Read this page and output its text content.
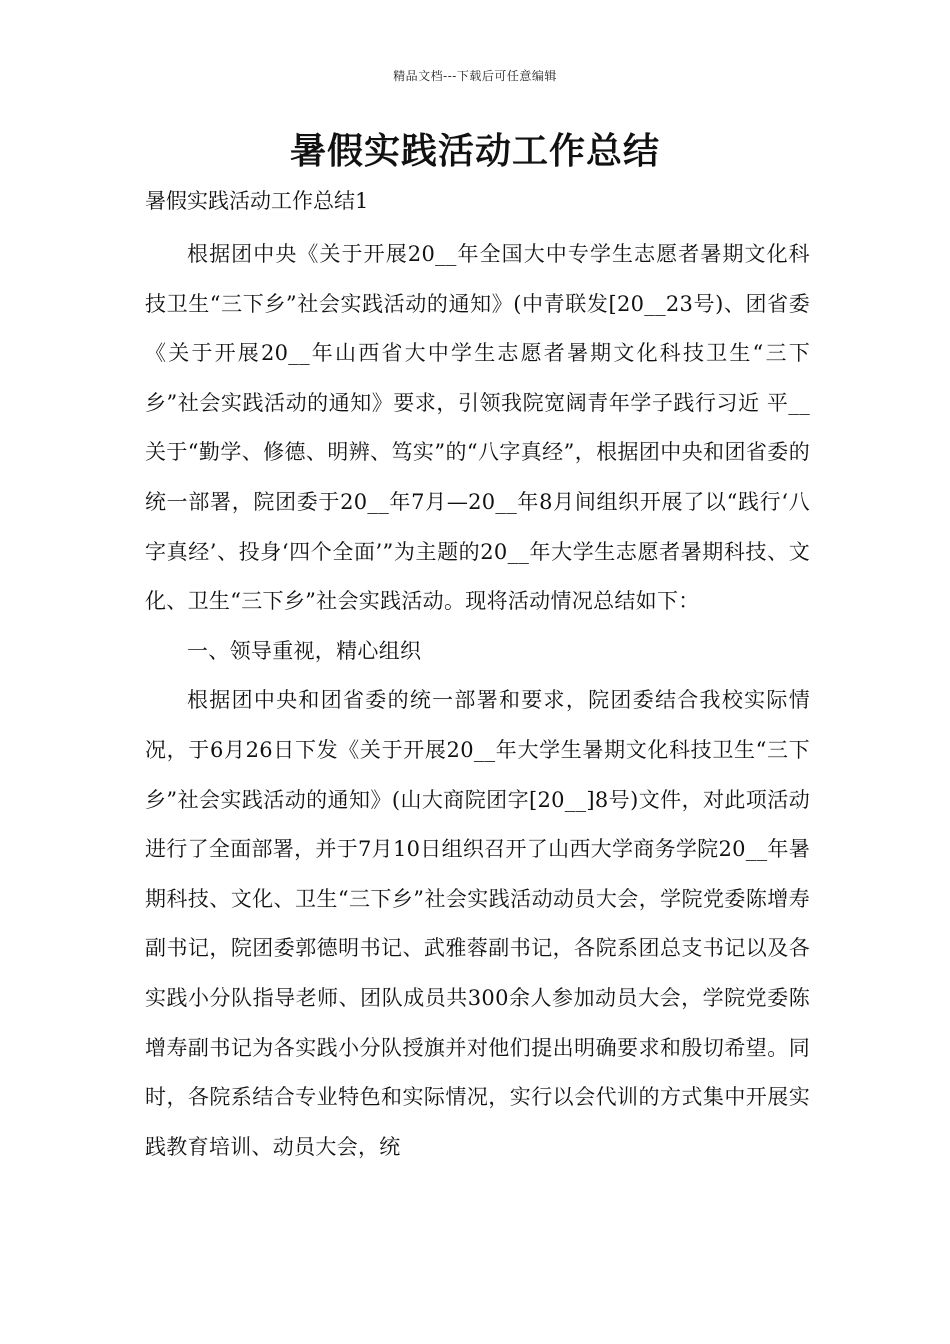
精品文档---下载后可任意编辑
暑假实践活动工作总结
暑假实践活动工作总结1

根据团中央《关于开展20__年全国大中专学生志愿者暑期文化科技卫生“三下乡”社会实践活动的通知》(中青联发[20__23号)、团省委《关于开展20__年山西省大中学生志愿者暑期文化科技卫生“三下乡”社会实践活动的通知》要求，引领我院宽阔青年学子践行习近 平__关于“勤学、修德、明辨、笃实”的“八字真经”，根据团中央和团省委的统一部署，院团委于20__年7月—20__年8月间组织开展了以“践行‘八字真经’、投身‘四个全面’”为主题的20__年大学生志愿者暑期科技、文化、卫生“三下乡”社会实践活动。现将活动情况总结如下：

一、领导重视，精心组织

根据团中央和团省委的统一部署和要求，院团委结合我校实际情况，于6月26日下发《关于开展20__年大学生暑期文化科技卫生“三下乡”社会实践活动的通知》(山大商院团字[20__]8号)文件，对此项活动进行了全面部署，并于7月10日组织召开了山西大学商务学院20__年暑期科技、文化、卫生“三下乡”社会实践活动动员大会，学院党委陈增寿副书记，院团委郭德明书记、武雅蓉副书记，各院系团总支书记以及各实践小分队指导老师、团队成员共300余人参加动员大会，学院党委陈增寿副书记为各实践小分队授旗并对他们提出明确要求和殷切希望。同时，各院系结合专业特色和实际情况，实行以会代训的方式集中开展实践教育培训、动员大会，统
